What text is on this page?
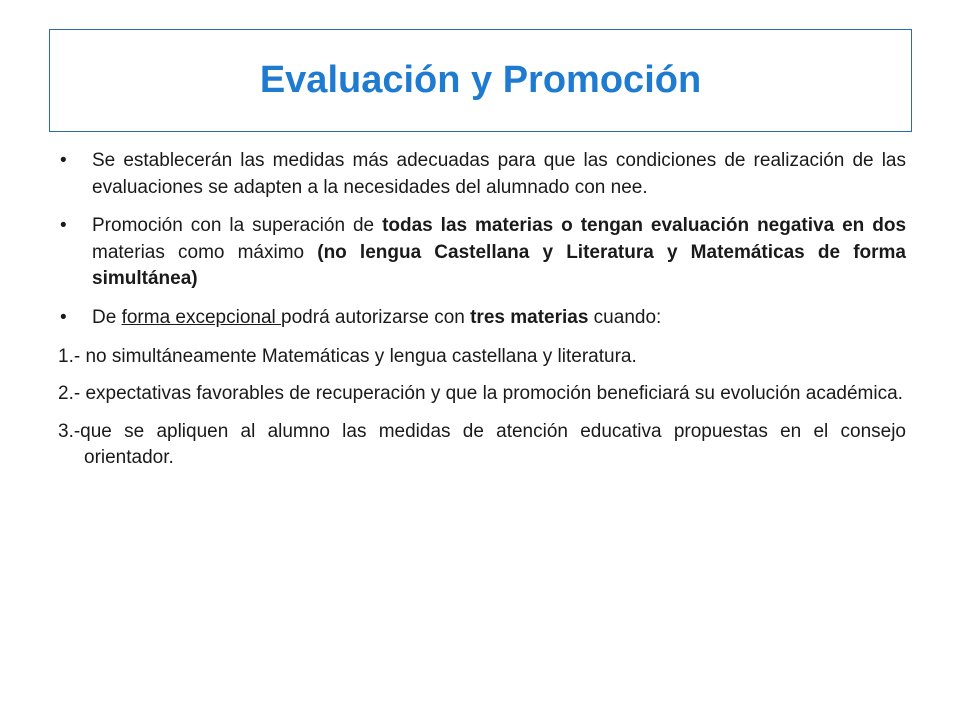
Evaluación y Promoción
• Se establecerán las medidas más adecuadas para que las condiciones de realización de las evaluaciones se adapten a la necesidades del alumnado con nee.
• Promoción con la superación de todas las materias o tengan evaluación negativa en dos materias como máximo (no lengua Castellana y Literatura y Matemáticas de forma simultánea)
• De forma excepcional podrá autorizarse con tres materias cuando:
1.- no simultáneamente Matemáticas y lengua castellana y literatura.
2.- expectativas favorables de recuperación y que la promoción beneficiará su evolución académica.
3.-que se apliquen al alumno las medidas de atención educativa propuestas en el consejo orientador.
